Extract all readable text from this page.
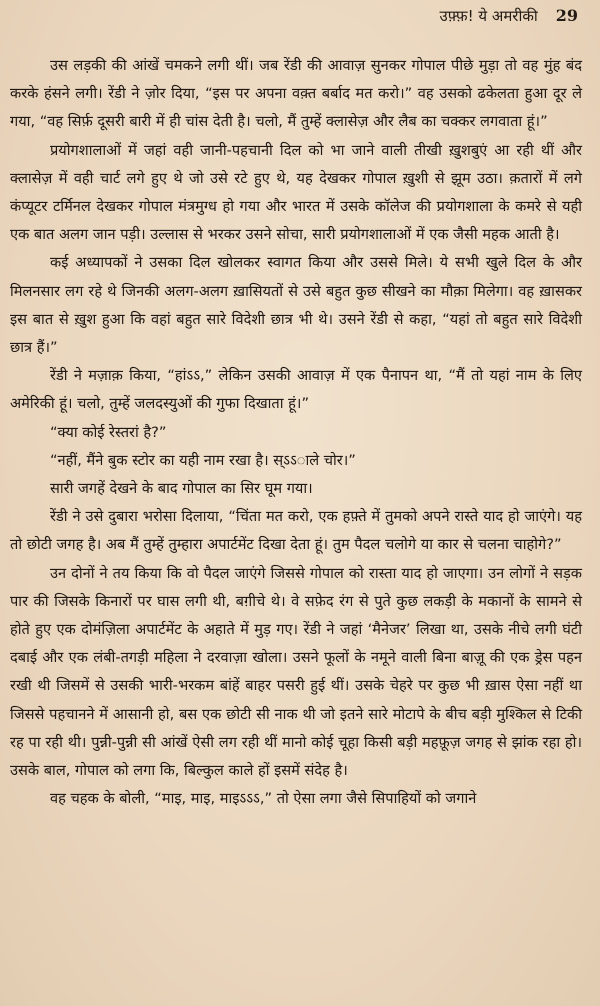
उफ़्फ़! ये अमरीकी 29

उस लड़की की आंखें चमकने लगी थीं। जब रेंडी की आवाज़ सुनकर गोपाल पीछे मुड़ा तो वह मुंह बंद करके हंसने लगी। रेंडी ने ज़ोर दिया, “इस पर अपना वक़्त बर्बाद मत करो।” वह उसको ढकेलता हुआ दूर ले गया, “वह सिर्फ़ दूसरी बारी में ही चांस देती है। चलो, मैं तुम्हें क्लासेज़ और लैब का चक्कर लगवाता हूं।”

प्रयोगशालाओं में जहां वही जानी-पहचानी दिल को भा जाने वाली तीखी ख़ुशबुएं आ रही थीं और क्लासेज़ में वही चार्ट लगे हुए थे जो उसे रटे हुए थे, यह देखकर गोपाल ख़ुशी से झूम उठा। क़तारों में लगे कंप्यूटर टर्मिनल देखकर गोपाल मंत्रमुग्ध हो गया और भारत में उसके कॉलेज की प्रयोगशाला के कमरे से यही एक बात अलग जान पड़ी। उल्लास से भरकर उसने सोचा, सारी प्रयोगशालाओं में एक जैसी महक आती है।

कई अध्यापकों ने उसका दिल खोलकर स्वागत किया और उससे मिले। ये सभी खुले दिल के और मिलनसार लग रहे थे जिनकी अलग-अलग ख़ासियतों से उसे बहुत कुछ सीखने का मौक़ा मिलेगा। वह ख़ासकर इस बात से ख़ुश हुआ कि वहां बहुत सारे विदेशी छात्र भी थे। उसने रेंडी से कहा, “यहां तो बहुत सारे विदेशी छात्र हैं।”

रेंडी ने मज़ाक़ किया, “हांऽऽ,” लेकिन उसकी आवाज़ में एक पैनापन था, “मैं तो यहां नाम के लिए अमेरिकी हूं। चलो, तुम्हें जलदस्युओं की गुफा दिखाता हूं।”

“क्या कोई रेस्तरां है?”

“नहीं, मैंने बुक स्टोर का यही नाम रखा है। स्ऽऽाले चोर।”

सारी जगहें देखने के बाद गोपाल का सिर घूम गया।

रेंडी ने उसे दुबारा भरोसा दिलाया, “चिंता मत करो, एक हफ़्ते में तुमको अपने रास्ते याद हो जाएंगे। यह तो छोटी जगह है। अब मैं तुम्हें तुम्हारा अपार्टमेंट दिखा देता हूं। तुम पैदल चलोगे या कार से चलना चाहोगे?”

उन दोनों ने तय किया कि वो पैदल जाएंगे जिससे गोपाल को रास्ता याद हो जाएगा। उन लोगों ने सड़क पार की जिसके किनारों पर घास लगी थी, बग़ीचे थे। वे सफ़ेद रंग से पुते कुछ लकड़ी के मकानों के सामने से होते हुए एक दोमंज़िला अपार्टमेंट के अहाते में मुड़ गए। रेंडी ने जहां ‘मैनेजर’ लिखा था, उसके नीचे लगी घंटी दबाई और एक लंबी-तगड़ी महिला ने दरवाज़ा खोला। उसने फूलों के नमूने वाली बिना बाज़ू की एक ड्रेस पहन रखी थी जिसमें से उसकी भारी-भरकम बांहें बाहर पसरी हुई थीं। उसके चेहरे पर कुछ भी ख़ास ऐसा नहीं था जिससे पहचानने में आसानी हो, बस एक छोटी सी नाक थी जो इतने सारे मोटापे के बीच बड़ी मुश्किल से टिकी रह पा रही थी। पुन्नी-पुन्नी सी आंखें ऐसी लग रही थीं मानो कोई चूहा किसी बड़ी महफ़ूज़ जगह से झांक रहा हो। उसके बाल, गोपाल को लगा कि, बिल्कुल काले हों इसमें संदेह है।

वह चहक के बोली, “माइ, माइ, माइऽऽऽ,” तो ऐसा लगा जैसे सिपाहियों को जगाने
